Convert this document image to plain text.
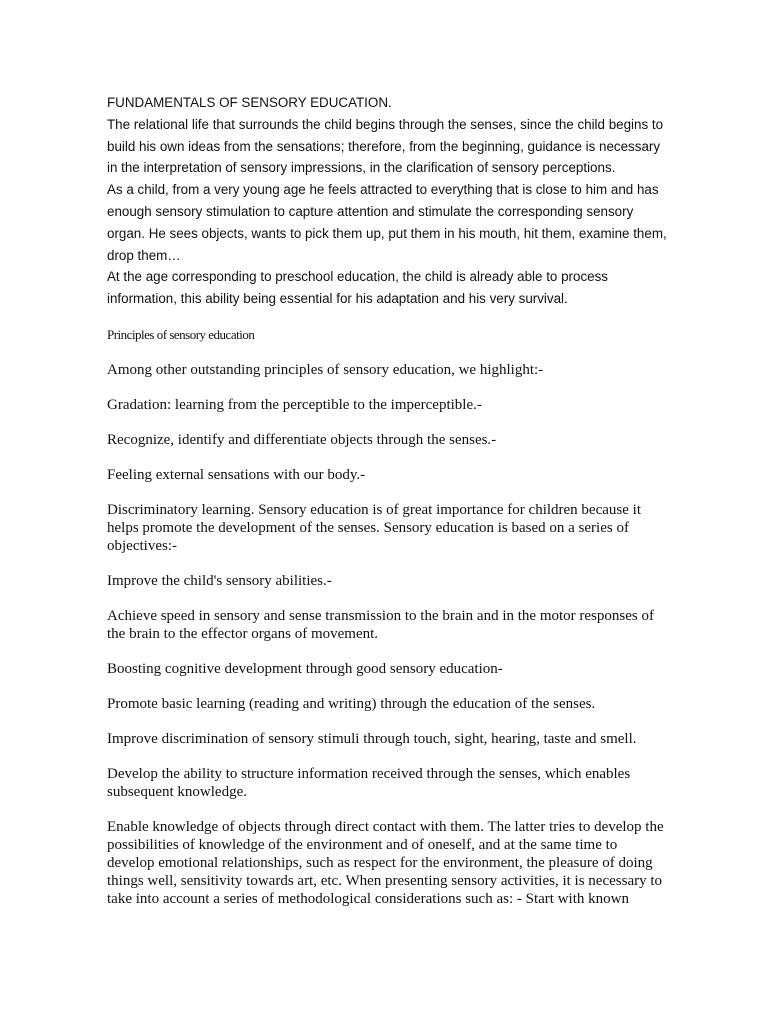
FUNDAMENTALS OF SENSORY EDUCATION.

The relational life that surrounds the child begins through the senses, since the child begins to build his own ideas from the sensations; therefore, from the beginning, guidance is necessary in the interpretation of sensory impressions, in the clarification of sensory perceptions.

As a child, from a very young age he feels attracted to everything that is close to him and has enough sensory stimulation to capture attention and stimulate the corresponding sensory organ. He sees objects, wants to pick them up, put them in his mouth, hit them, examine them, drop them…

At the age corresponding to preschool education, the child is already able to process information, this ability being essential for his adaptation and his very survival.

Principles of sensory education

Among other outstanding principles of sensory education, we highlight:-

Gradation: learning from the perceptible to the imperceptible.-

Recognize, identify and differentiate objects through the senses.-

Feeling external sensations with our body.-

Discriminatory learning. Sensory education is of great importance for children because it helps promote the development of the senses. Sensory education is based on a series of objectives:-

Improve the child's sensory abilities.-

Achieve speed in sensory and sense transmission to the brain and in the motor responses of the brain to the effector organs of movement.

Boosting cognitive development through good sensory education-

Promote basic learning (reading and writing) through the education of the senses.

Improve discrimination of sensory stimuli through touch, sight, hearing, taste and smell.

Develop the ability to structure information received through the senses, which enables subsequent knowledge.

Enable knowledge of objects through direct contact with them. The latter tries to develop the possibilities of knowledge of the environment and of oneself, and at the same time to develop emotional relationships, such as respect for the environment, the pleasure of doing things well, sensitivity towards art, etc. When presenting sensory activities, it is necessary to take into account a series of methodological considerations such as: - Start with known
